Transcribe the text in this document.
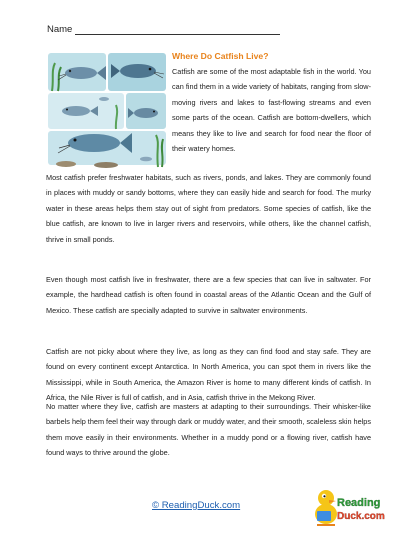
Name
Where Do Catfish Live?

Catfish are some of the most adaptable fish in the world. You can find them in a wide variety of habitats, ranging from slow-moving rivers and lakes to fast-flowing streams and even some parts of the ocean. Catfish are bottom-dwellers, which means they like to live and search for food near the floor of their watery homes.

Most catfish prefer freshwater habitats, such as rivers, ponds, and lakes. They are commonly found in places with muddy or sandy bottoms, where they can easily hide and search for food. The murky water in these areas helps them stay out of sight from predators. Some species of catfish, like the blue catfish, are known to live in larger rivers and reservoirs, while others, like the channel catfish, thrive in small ponds.

Even though most catfish live in freshwater, there are a few species that can live in saltwater. For example, the hardhead catfish is often found in coastal areas of the Atlantic Ocean and the Gulf of Mexico. These catfish are specially adapted to survive in saltwater environments.

Catfish are not picky about where they live, as long as they can find food and stay safe. They are found on every continent except Antarctica. In North America, you can spot them in rivers like the Mississippi, while in South America, the Amazon River is home to many different kinds of catfish. In Africa, the Nile River is full of catfish, and in Asia, catfish thrive in the Mekong River.

No matter where they live, catfish are masters at adapting to their surroundings. Their whisker-like barbels help them feel their way through dark or muddy water, and their smooth, scaleless skin helps them move easily in their environments. Whether in a muddy pond or a flowing river, catfish have found ways to thrive around the globe.

© ReadingDuck.com	Reading
Duck.com
